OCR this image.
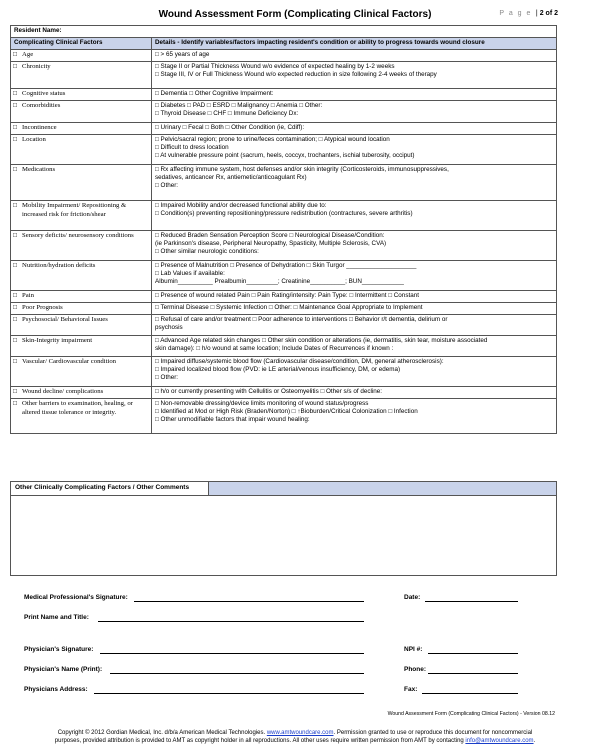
Wound Assessment Form (Complicating Clinical Factors)	P a g e | 2 of 2
Resident Name:	
Complicating Clinical Factors	Details - Identify variables/factors impacting resident's condition or ability to progress towards wound closure
□ Age	□ > 65 years of age

□ Chronicity	□ Stage II or Partial Thickness Wound w/o evidence of expected healing by 1-2 weeks
□ Stage III, IV or Full Thickness Wound w/o expected reduction in size following 2-4 weeks of therapy

□ Cognitive status	□ Dementia □ Other Cognitive Impairment:

□ Comorbidities	□ Diabetes □ PAD □ ESRD □ Malignancy □ Anemia □ Other:
□ Thyroid Disease □ CHF □ Immune Deficiency Dx:

□ Incontinence	□ Urinary □ Fecal □ Both □ Other Condition (ie, Cdiff):

□ Location	□ Pelvic/sacral region; prone to urine/feces contamination; □ Atypical wound location
□ Difficult to dress location
□ At vulnerable pressure point (sacrum, heels, coccyx, trochanters, ischial tuberosity, occiput)

□ Medications	□ Rx affecting immune system, host defenses and/or skin integrity (Corticosteroids, immunosuppressives,
sedatives, anticancer Rx, antiemetic/anticoagulant Rx)
□ Other:

□ Mobility Impairment/ Repositioning & increased risk for friction/shear	□ Impaired Mobility and/or decreased functional ability due to:
□ Condition(s) preventing repositioning/pressure redistribution (contractures, severe arthritis)

□ Sensory deficits/ neurosensory conditions	□ Reduced Braden Sensation Perception Score □ Neurological Disease/Condition:
(ie Parkinson's disease, Peripheral Neuropathy, Spasticity, Multiple Sclerosis, CVA)
□ Other similar neurologic conditions:

□ Nutrition/hydration deficits	□ Presence of Malnutrition □ Presence of Dehydration □ Skin Turgor ____________________
□ Lab Values if available:
Albumin__________ Prealbumin_________; Creatinine__________; BUN____________

□ Pain	□ Presence of wound related Pain □ Pain Rating/intensity: Pain Type: □ Intermittent □ Constant

□ Poor Prognosis	□ Terminal Disease □ Systemic Infection □ Other: □ Maintenance Goal Appropriate to Implement

□ Psychosocial/ Behavioral Issues	□ Refusal of care and/or treatment □ Poor adherence to interventions □ Behavior r/t dementia, delirium or
psychosis

□ Skin-Integrity impairment	□ Advanced Age related skin changes □ Other skin condition or alterations (ie, dermatitis, skin tear, moisture associated
skin damage): □ h/o wound at same location; Include Dates of Recurrences if known :

□ Vascular/ Cardiovascular condition	□ Impaired diffuse/systemic blood flow (Cardiovascular disease/condition, DM, general atherosclerosis):
□ Impaired localized blood flow (PVD: ie LE arterial/venous insufficiency, DM, or edema)
□ Other:

□ Wound decline/ complications	□ h/o or currently presenting with Cellulitis or Osteomyelitis □ Other s/s of decline:

□ Other barriers to examination, healing, or altered tissue tolerance or integrity.	□ Non-removable dressing/device limits monitoring of wound status/progress
□ Identified at Mod or High Risk (Braden/Norton) □ ↑Bioburden/Critical Colonization □ Infection
□ Other unmodifiable factors that impair wound healing:
Other Clinically Complicating Factors / Other Comments
Medical Professional's Signature:	Date:
Print Name and Title:
Physician's Signature:	NPI #:
Physician's Name (Print):	Phone:
Physicians Address:	Fax:
Wound Assessment Form (Complicating Clinical Factors) - Version 08.12
Copyright © 2012 Gordian Medical, Inc. d/b/a American Medical Technologies. www.amtwoundcare.com. Permission granted to use or reproduce this document for noncommercial
purposes, provided attribution is provided to AMT as copyright holder in all reproductions. All other uses require written permission from AMT by contacting info@amtwoundcare.com.
